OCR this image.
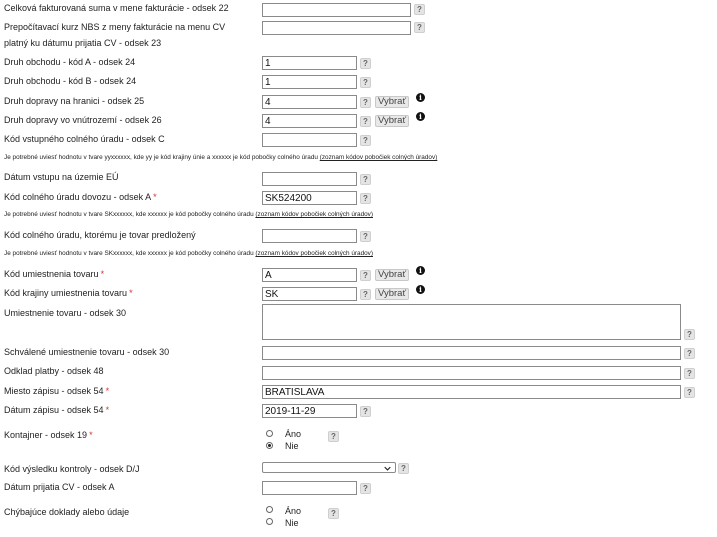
Celková fakturovaná suma v mene fakturácie - odsek 22	?
Prepočítavací kurz NBS z meny fakturácie na menu CV
platný ku dátumu prijatia CV - odsek 23
?
Druh obchodu - kód A - odsek 24	1	?
Druh obchodu - kód B - odsek 24	1	?
Druh dopravy na hranici - odsek 25	4	?	Vybrať	i
Druh dopravy vo vnútrozemí - odsek 26	4	?	Vybrať	i
Kód vstupného colného úradu - odsek C	?
Je potrebné uviesť hodnotu v tvare yyxxxxxx, kde yy je kód krajiny únie a xxxxxx je kód pobočky colného úradu (zoznam kódov pobočiek colných úradov)
Dátum vstupu na územie EÚ	?
Kód colného úradu dovozu - odsek A *	SK524200	?
Je potrebné uviesť hodnotu v tvare SKxxxxxx, kde xxxxxx je kód pobočky colného úradu (zoznam kódov pobočiek colných úradov)
Kód colného úradu, ktorému je tovar predložený	?
Je potrebné uviesť hodnotu v tvare SKxxxxxx, kde xxxxxx je kód pobočky colného úradu (zoznam kódov pobočiek colných úradov)
Kód umiestnenia tovaru *	A	?	Vybrať	i
Kód krajiny umiestnenia tovaru *	SK	?	Vybrať	i
Umiestnenie tovaru - odsek 30
?
Schválené umiestnenie tovaru - odsek 30	?
Odklad platby - odsek 48	?
Miesto zápisu - odsek 54 *	BRATISLAVA	?
Dátum zápisu - odsek 54 *	2019-11-29	?
Kontajner - odsek 19 *	Áno
Nie
?
Kód výsledku kontroly - odsek D/J	?
Dátum prijatia CV - odsek A	?
Chýbajúce doklady alebo údaje	Áno
Nie
?
